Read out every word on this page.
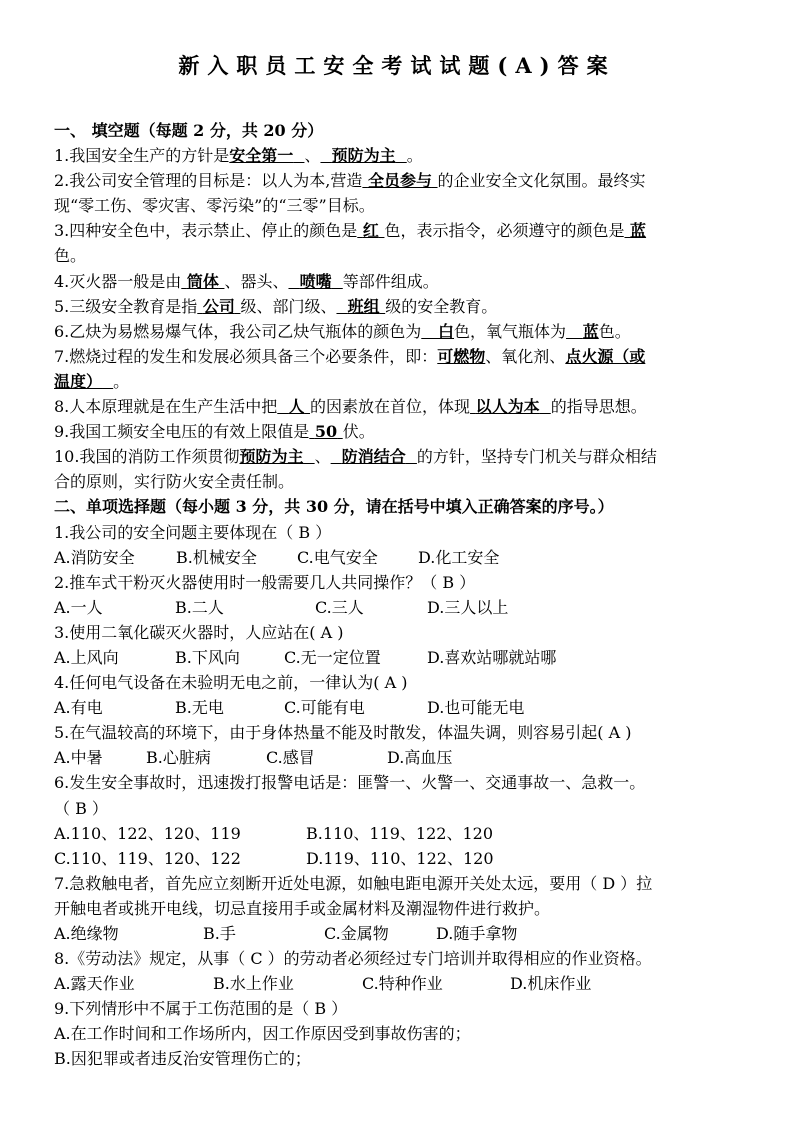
新入职员工安全考试试题(A)答案
一、 填空题（每题 2 分，共 20 分）
1.我国安全生产的方针是安全第一 、 预防为主 。
2.我公司安全管理的目标是：以人为本,营造 全员参与 的企业安全文化氛围。最终实
现“零工伤、零灾害、零污染”的“三零”目标。
3.四种安全色中，表示禁止、停止的颜色是 红 色，表示指令，必须遵守的颜色是 蓝
色。
4.灭火器一般是由 筒体 、器头、 喷嘴 等部件组成。
5.三级安全教育是指 公司 级、部门级、 班组 级的安全教育。
6.乙炔为易燃易爆气体，我公司乙炔气瓶体的颜色为 白色，氧气瓶体为 蓝色。
7.燃烧过程的发生和发展必须具备三个必要条件，即：可燃物、氧化剂、点火源（或
温度） 。
8.人本原理就是在生产生活中把 人 的因素放在首位，体现 以人为本 的指导思想。
9.我国工频安全电压的有效上限值是 50 伏。
10.我国的消防工作须贯彻预防为主 、 防消结合 的方针，坚持专门机关与群众相结
合的原则，实行防火安全责任制。
二、单项选择题（每小题 3 分，共 30 分，请在括号中填入正确答案的序号。）
1.我公司的安全问题主要体现在（ B ）
A.消防安全	B.机械安全	C.电气安全	D.化工安全
2.推车式干粉灭火器使用时一般需要几人共同操作？（ B ）
A.一人	B.二人	C.三人	D.三人以上
3.使用二氧化碳灭火器时，人应站在( A )
A.上风向	B.下风向	C.无一定位置	D.喜欢站哪就站哪
4.任何电气设备在未验明无电之前，一律认为( A )
A.有电	B.无电	C.可能有电	D.也可能无电
5.在气温较高的环境下，由于身体热量不能及时散发，体温失调，则容易引起( A )
A.中暑	B.心脏病	C.感冒	D.高血压
6.发生安全事故时，迅速拨打报警电话是：匪警一、火警一、交通事故一、急救一。
（ B ）
A.110、122、120、119	B.110、119、122、120
C.110、119、120、122	D.119、110、122、120
7.急救触电者，首先应立刻断开近处电源，如触电距电源开关处太远，要用（ D ）拉
开触电者或挑开电线，切忌直接用手或金属材料及潮湿物件进行救护。
A.绝缘物	B.手	C.金属物	D.随手拿物
8.《劳动法》规定，从事（ C ）的劳动者必须经过专门培训并取得相应的作业资格。
A.露天作业	B.水上作业	C.特种作业	D.机床作业
9.下列情形中不属于工伤范围的是（ B ）
A.在工作时间和工作场所内，因工作原因受到事故伤害的；
B.因犯罪或者违反治安管理伤亡的；
